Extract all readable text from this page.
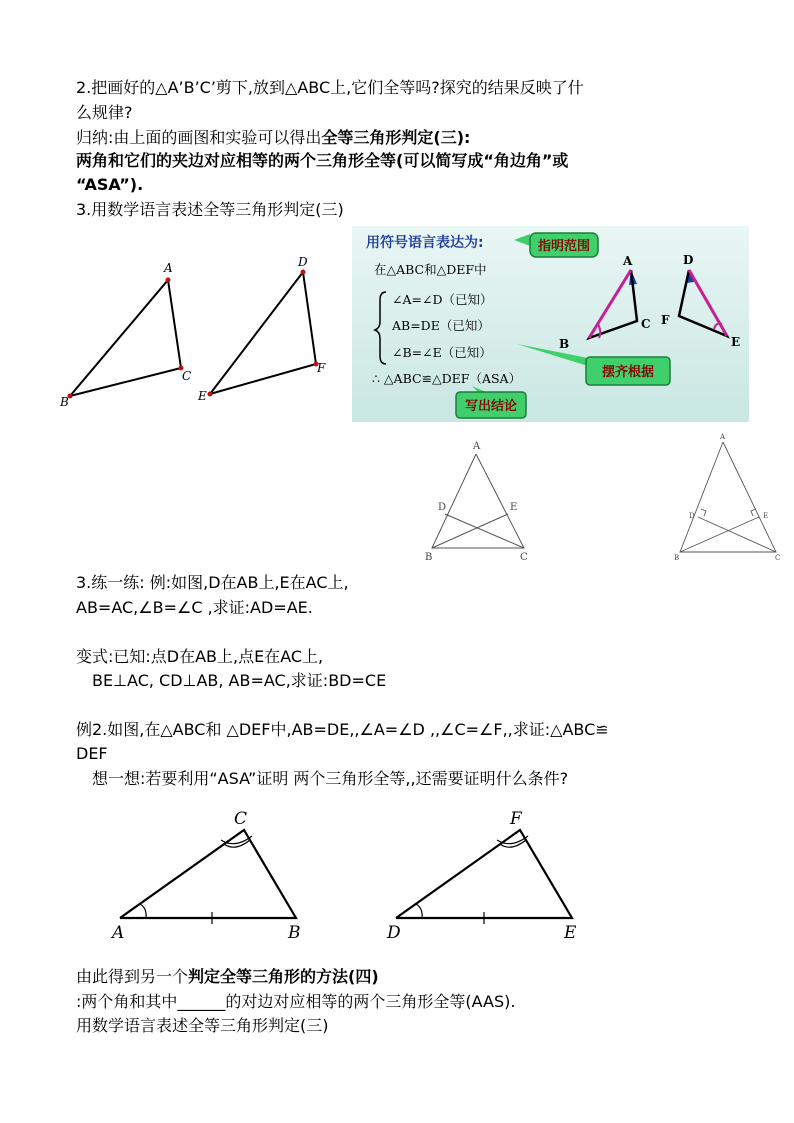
2.把画好的△A’B’C’剪下,放到△ABC上,它们全等吗?探究的结果反映了什
么规律?
归纳:由上面的画图和实验可以得出全等三角形判定(三):
两角和它们的夹边对应相等的两个三角形全等(可以简写成“角边角”或
“ASA”).
3.用数学语言表述全等三角形判定(三)
A
B
C
D
E
F
用符号语言表达为:	指明范围
在△ABC和△DEF中
∠A=∠D（已知）
AB=DE（已知）
∠B=∠E（已知）
∴ △ABC≌△DEF（ASA）	摆齐根据
写出结论
A
B
C
D
E
F
A
D	E
B	C
A
D	E
B	C
3.练一练: 例:如图,D在AB上,E在AC上,
AB=AC,∠B=∠C ,求证:AD=AE.
变式:已知:点D在AB上,点E在AC上,
BE⊥AC, CD⊥AB, AB=AC,求证:BD=CE
例2.如图,在△ABC和 △DEF中,AB=DE,,∠A=∠D ,,∠C=∠F,,求证:△ABC≌
DEF
想一想:若要利用“ASA”证明 两个三角形全等,,还需要证明什么条件?
C
A	B
F
D	E
由此得到另一个判定全等三角形的方法(四)
:两个角和其中______的对边对应相等的两个三角形全等(AAS).
用数学语言表述全等三角形判定(三)
